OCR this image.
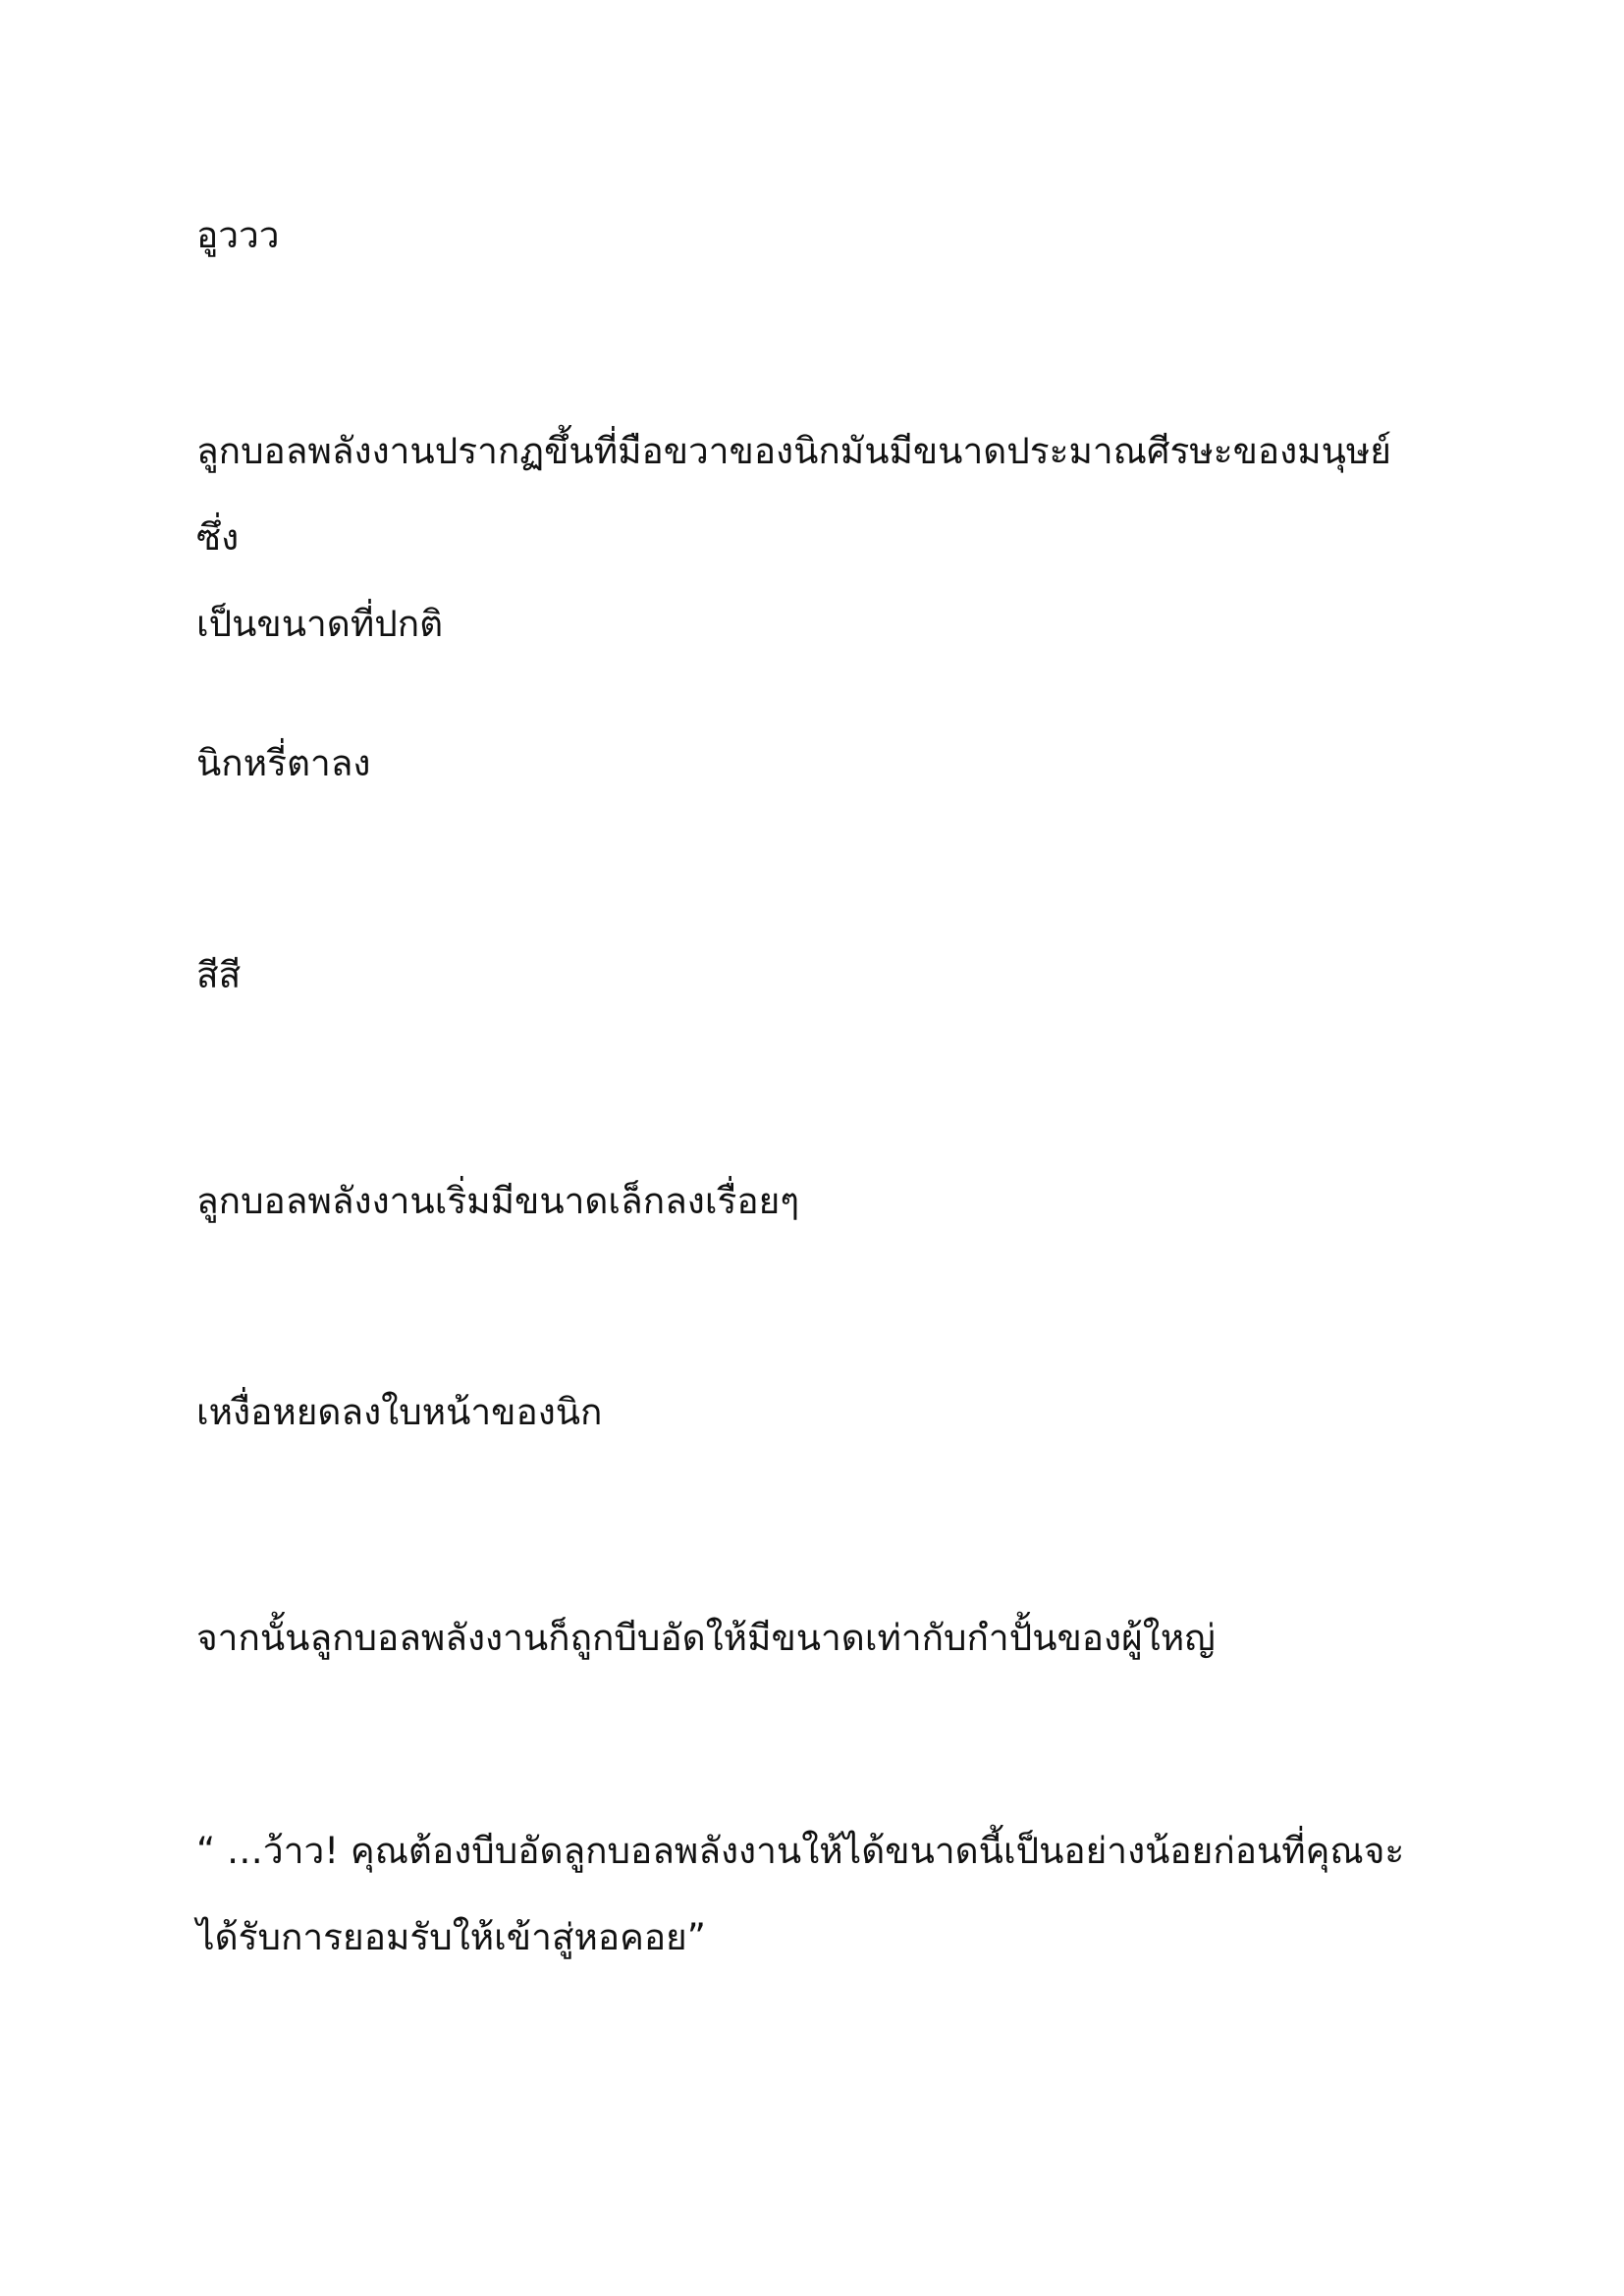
อูววว

ลูกบอลพลังงานปรากฏขึ้นที่มือขวาของนิกมันมีขนาดประมาณศีรษะของมนุษย์ซึ่ง
เป็นขนาดที่ปกติ

นิกหรี่ตาลง

สีสี

ลูกบอลพลังงานเริ่มมีขนาดเล็กลงเรื่อยๆ

เหงื่อหยดลงใบหน้าของนิก

จากนั้นลูกบอลพลังงานก็ถูกบีบอัดให้มีขนาดเท่ากับกำปั้นของผู้ใหญ่

“ …ว้าว! คุณต้องบีบอัดลูกบอลพลังงานให้ได้ขนาดนี้เป็นอย่างน้อยก่อนที่คุณจะ
ได้รับการยอมรับให้เข้าสู่หอคอย”
